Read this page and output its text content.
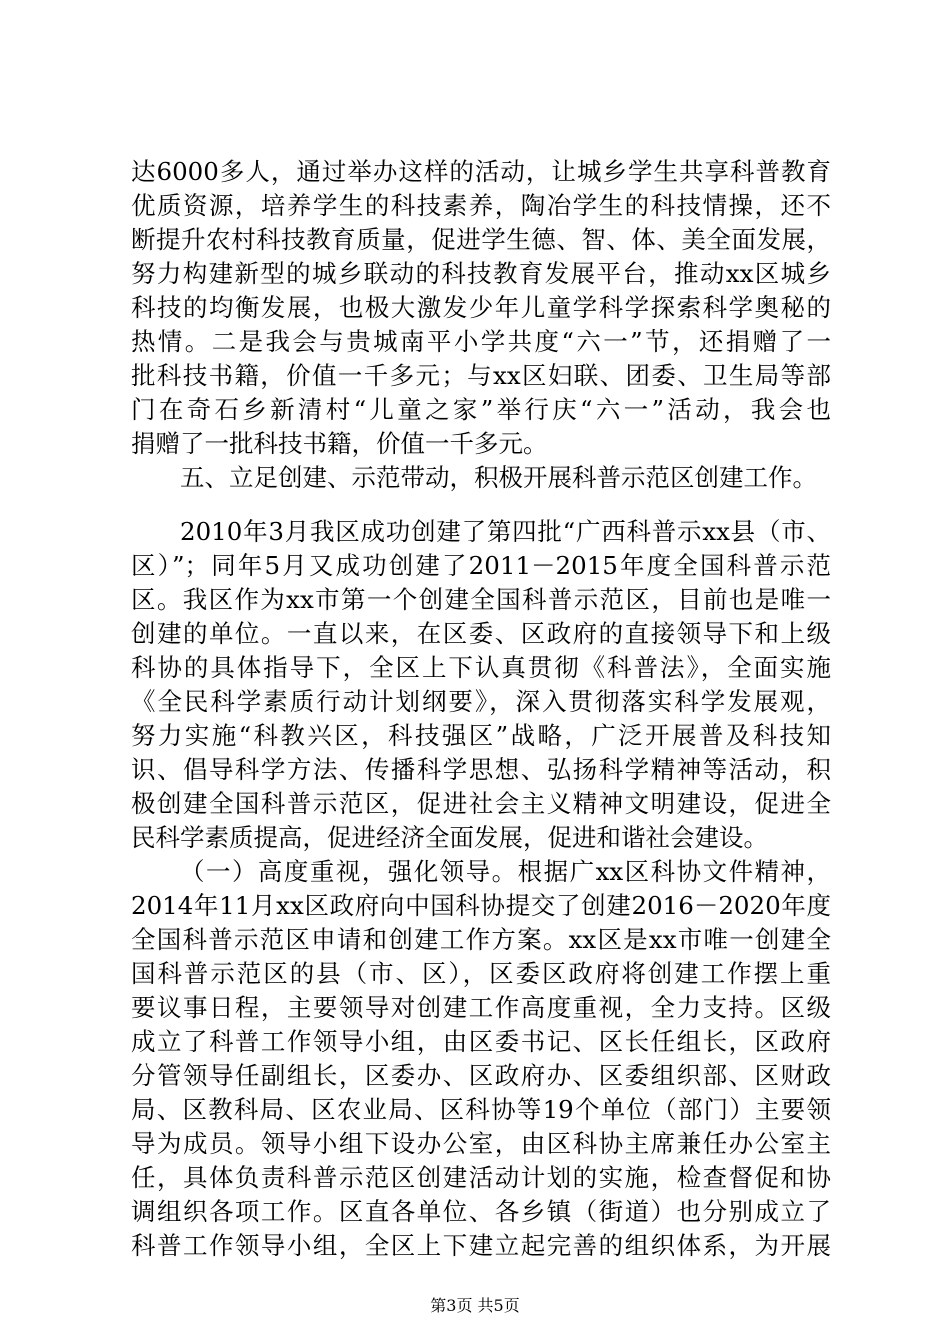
达6000多人，通过举办这样的活动，让城乡学生共享科普教育
优质资源，培养学生的科技素养，陶冶学生的科技情操，还不
断提升农村科技教育质量，促进学生德、智、体、美全面发展，
努力构建新型的城乡联动的科技教育发展平台，推动xx区城乡
科技的均衡发展，也极大激发少年儿童学科学探索科学奥秘的
热情。二是我会与贵城南平小学共度“六一”节，还捐赠了一
批科技书籍，价值一千多元；与xx区妇联、团委、卫生局等部
门在奇石乡新清村“儿童之家”举行庆“六一”活动，我会也
捐赠了一批科技书籍，价值一千多元。
五、立足创建、示范带动，积极开展科普示范区创建工作。
2010年3月我区成功创建了第四批“广西科普示xx县（市、
区）”；同年5月又成功创建了2011－2015年度全国科普示范
区。我区作为xx市第一个创建全国科普示范区，目前也是唯一
创建的单位。一直以来，在区委、区政府的直接领导下和上级
科协的具体指导下，全区上下认真贯彻《科普法》，全面实施
《全民科学素质行动计划纲要》，深入贯彻落实科学发展观，
努力实施“科教兴区，科技强区”战略，广泛开展普及科技知
识、倡导科学方法、传播科学思想、弘扬科学精神等活动，积
极创建全国科普示范区，促进社会主义精神文明建设，促进全
民科学素质提高，促进经济全面发展，促进和谐社会建设。
（一）高度重视，强化领导。根据广xx区科协文件精神，
2014年11月xx区政府向中国科协提交了创建2016－2020年度
全国科普示范区申请和创建工作方案。xx区是xx市唯一创建全
国科普示范区的县（市、区），区委区政府将创建工作摆上重
要议事日程，主要领导对创建工作高度重视，全力支持。区级
成立了科普工作领导小组，由区委书记、区长任组长，区政府
分管领导任副组长，区委办、区政府办、区委组织部、区财政
局、区教科局、区农业局、区科协等19个单位（部门）主要领
导为成员。领导小组下设办公室，由区科协主席兼任办公室主
任，具体负责科普示范区创建活动计划的实施，检查督促和协
调组织各项工作。区直各单位、各乡镇（街道）也分别成立了
科普工作领导小组，全区上下建立起完善的组织体系，为开展
第3页 共5页
